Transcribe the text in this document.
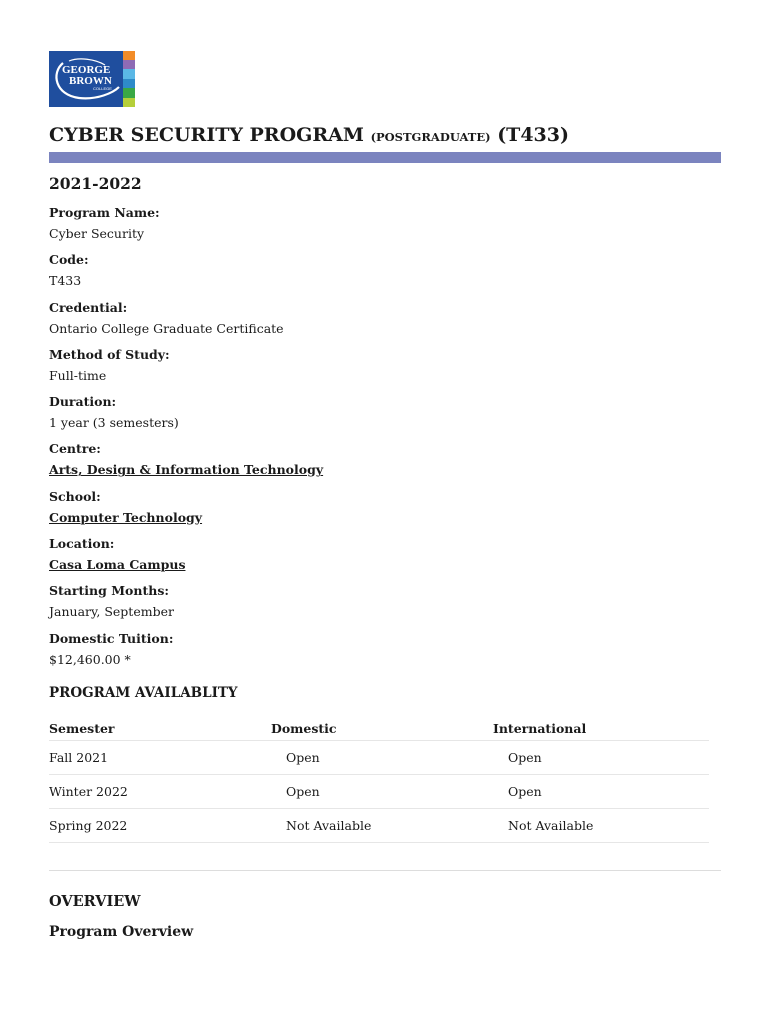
GEORGE
BROWN
COLLEGE
CYBER SECURITY PROGRAM (POSTGRADUATE) (T433)
2021-2022
Program Name:
Cyber Security
Code:
T433
Credential:
Ontario College Graduate Certificate
Method of Study:
Full-time
Duration:
1 year (3 semesters)
Centre:
Arts, Design & Information Technology
School:
Computer Technology
Location:
Casa Loma Campus
Starting Months:
January, September
Domestic Tuition:
$12,460.00 *
PROGRAM AVAILABLITY
Semester	Domestic	International
Fall 2021	Open	Open
Winter 2022	Open	Open
Spring 2022	Not Available	Not Available
OVERVIEW
Program Overview
